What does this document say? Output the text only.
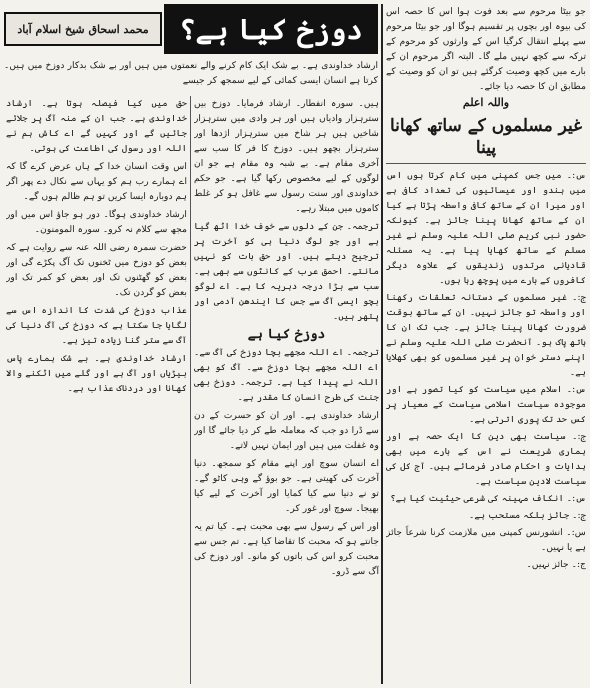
دوزخ کیا ہے؟
محمد اسحاق شیخ اسلام آباد
ارشاد خداوندی ہے۔ بے شک ایک کام کرنے والے نعمتوں میں ہیں اور بے شک بدکار دوزخ میں ہیں۔ کرتا ہے انسان ایسی کمائی کے لیے سمجھ کر جیسے

جو بیٹا مرحوم سے بعد فوت ہوا اس کا حصہ اس کی بیوہ اور بچوں پر تقسیم ہوگا اور جو بیٹا مرحوم سے پہلے انتقال کرگیا اس کے وارثوں کو مرحوم کے ترکہ سے کچھ نہیں ملے گا۔ البتہ اگر مرحوم ان کے بارے میں کچھ وصیت کرگئے ہیں تو ان کو وصیت کے مطابق ان کا حصہ دیا جائے۔

واللہ اعلم
غیر مسلموں کے ساتھ کھانا پینا

س:۔ میں جس کمپنی میں کام کرتا ہوں اس میں ہندو اور عیسائیوں کی تعداد کافی ہے اور میرا ان کے ساتھ کافی واسطہ پڑتا ہے کیا ان کے ساتھ کھانا پینا جائز ہے۔ کیونکہ حضور نبی کریم صلی اللہ علیہ وسلم نے غیر مسلم کے ساتھ کھایا پیا ہے۔ یہ مسئلہ قادیانی مرتدوں زندیقوں کے علاوہ دیگر کافروں کے بارے میں پوچھ رہا ہوں۔

ج:۔ غیر مسلموں کے دستانہ تعلقات رکھنا اور واسطہ تو جائز نہیں۔ ان کے ساتھ بوقت ضرورت کھانا پینا جائز ہے۔ جب تک ان کا ہاتھ پاک ہو۔ آنحضرت صلی اللہ علیہ وسلم نے اپنے دستر خوان پر غیر مسلموں کو بھی کھلایا ہے۔

س:۔ اسلام میں سیاست کو کیا تصور ہے اور موجودہ سیاست اسلامی سیاست کے معیار پر کس حد تک پوری اترتی ہے۔

ج:۔ سیاست بھی دین کا ایک حصہ ہے اور ہماری شریعت نے اس کے بارے میں بھی ہدایات و احکام صادر فرمائے ہیں۔ آج کل کی سیاست لادین سیاست ہے۔

س:۔ انکاف مہینہ کی شرعی حیثیت کیا ہے؟

ج:۔ جائز بلکہ مستحب ہے۔

س:۔ انشورنس کمپنی میں ملازمت کرنا شرعاً جائز ہے یا نہیں۔

ج:۔ جائز نہیں۔

ہیں۔ سورہ انفطار۔ ارشاد فرمایا۔ دوزخ بیں سترہزار وادیاں ہیں اور ہر وادی میں سترہزار شاخیں ہیں ہر شاخ میں سترہزار اژدھا اور سترہزار بچھو ہیں۔ دوزخ کا فر کا سب سے آخری مقام ہے۔ بے شبہ وہ مقام ہے جو ان لوگوں کے لیے مخصوص رکھا گیا ہے۔ جو حکم خداوندی اور سنت رسول سے غافل ہو کر غلط کاموں میں مبتلا رہے۔

ترجمہ۔ جن کے دلوں سے خوف خدا اٹھ گیا ہے اور جو لوگ دنیا ہی کو آخرت پر ترجیح دیتے ہیں۔ اور حق بات کو نہیں مانتے۔ احمق عرب کے کانٹوں سے بھی ہے۔ سب سے بڑا درجہ دہریہ کا ہے۔ اے لوگو بچو ایسی آگ سے جس کا ایندھن آدمی اور پتھر ہیں۔

دوزخ کیا ہے

ترجمہ۔ اے اللہ مجھے بچا دوزخ کی آگ سے۔ اے اللہ مجھے بچا دوزخ سے۔ آگ کو بھی اللہ نے پیدا کیا ہے۔ ترجمہ۔ دوزخ بھی جنت کی طرح انسان کا مقدر ہے۔

ارشاد خداوندی ہے۔ اور ان کو حسرت کے دن سے ڈرا دو جب کہ معاملہ طے کر دیا جائے گا اور وہ غفلت میں ہیں اور ایمان نہیں لاتے۔

اے انسان سوچ اور اپنے مقام کو سمجھ۔ دنیا آخرت کی کھیتی ہے۔ جو بوؤ گے وہی کاٹو گے۔ تو نے دنیا سے کیا کمایا اور آخرت کے لیے کیا بھیجا۔ سوچ اور غور کر۔

اور اس کے رسول سے بھی محبت ہے۔ کیا تم یہ جانتے ہو کہ محبت کا تقاضا کیا ہے۔ تم جس سے محبت کرو اس کی باتوں کو مانو۔ اور دوزخ کی آگ سے ڈرو۔

حق میں کیا فیصلہ ہوتا ہے۔ ارشاد خداوندی ہے۔ جب ان کے منہ آگ پر جلائے جائیں گے اور کہیں گے اے کاش ہم نے اللہ اور رسول کی اطاعت کی ہوتی۔

اس وقت انسان خدا کے ہاں عرض کرے گا کہ اے ہمارے رب ہم کو یہاں سے نکال دے پھر اگر ہم دوبارہ ایسا کریں تو ہم ظالم ہوں گے۔

ارشاد خداوندی ہوگا۔ دور ہو جاؤ اس میں اور مجھ سے کلام نہ کرو۔ سورہ المومنون۔

حضرت سمرہ رضی اللہ عنہ سے روایت ہے کہ بعض کو دوزخ میں ٹخنوں تک آگ پکڑے گی اور بعض کو گھٹنوں تک اور بعض کو کمر تک اور بعض کو گردن تک۔

عذاب دوزخ کی شدت کا اندازہ اس سے لگایا جا سکتا ہے کہ دوزخ کی آگ دنیا کی آگ سے ستر گنا زیادہ تیز ہے۔

ارشاد خداوندی ہے۔ بے شک ہمارے پاس بیڑیاں اور آگ ہے اور گلے میں اٹکنے والا کھانا اور دردناک عذاب ہے۔
